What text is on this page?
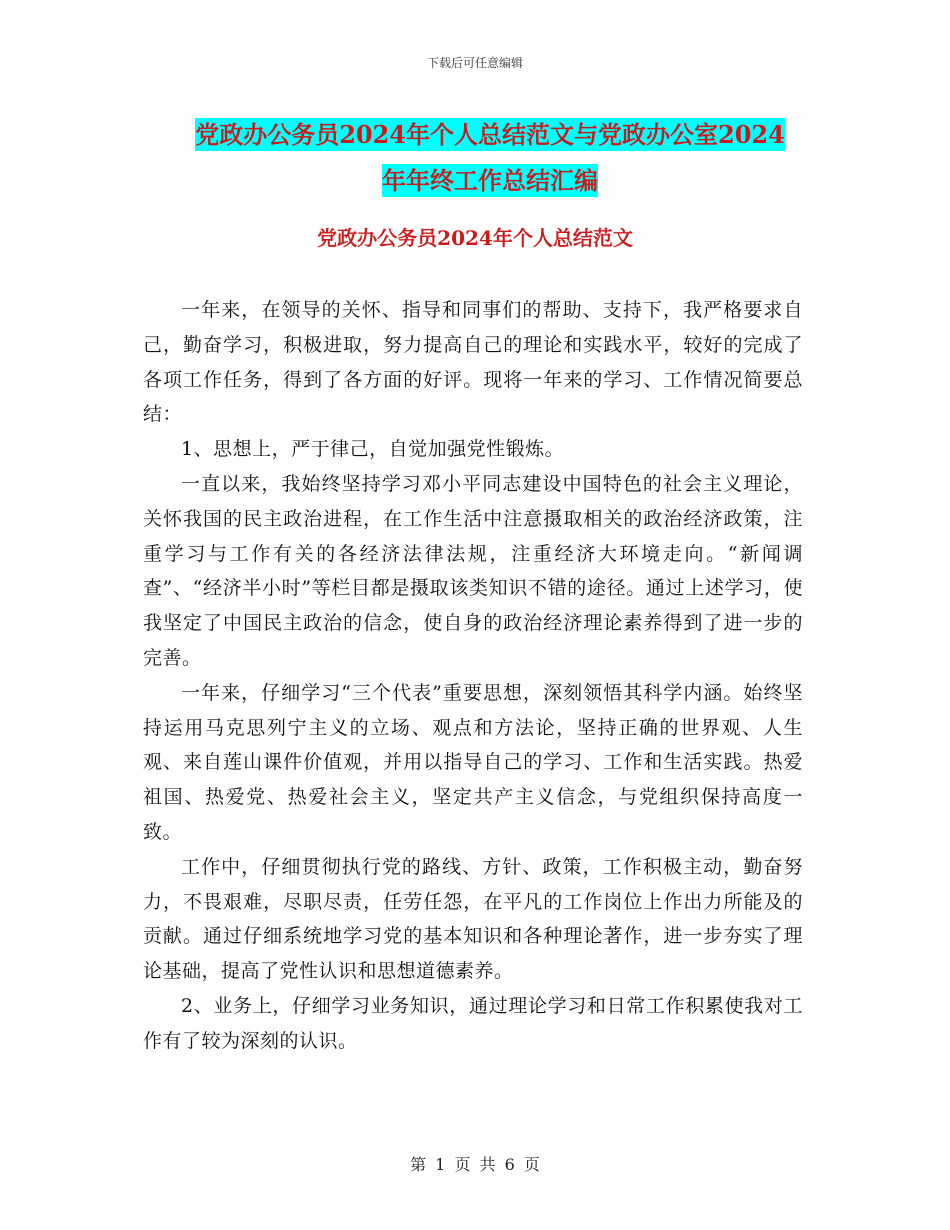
下载后可任意编辑
党政办公务员2024年个人总结范文与党政办公室2024
年年终工作总结汇编
党政办公务员2024年个人总结范文

一年来，在领导的关怀、指导和同事们的帮助、支持下，我严格要求自己，勤奋学习，积极进取，努力提高自己的理论和实践水平，较好的完成了各项工作任务，得到了各方面的好评。现将一年来的学习、工作情况简要总结：

1、思想上，严于律己，自觉加强党性锻炼。

一直以来，我始终坚持学习邓小平同志建设中国特色的社会主义理论，关怀我国的民主政治进程，在工作生活中注意摄取相关的政治经济政策，注重学习与工作有关的各经济法律法规，注重经济大环境走向。“新闻调查”、“经济半小时”等栏目都是摄取该类知识不错的途径。通过上述学习，使我坚定了中国民主政治的信念，使自身的政治经济理论素养得到了进一步的完善。

一年来，仔细学习“三个代表”重要思想，深刻领悟其科学内涵。始终坚持运用马克思列宁主义的立场、观点和方法论，坚持正确的世界观、人生观、来自莲山课件价值观，并用以指导自己的学习、工作和生活实践。热爱祖国、热爱党、热爱社会主义，坚定共产主义信念，与党组织保持高度一致。

工作中，仔细贯彻执行党的路线、方针、政策，工作积极主动，勤奋努力，不畏艰难，尽职尽责，任劳任怨，在平凡的工作岗位上作出力所能及的贡献。通过仔细系统地学习党的基本知识和各种理论著作，进一步夯实了理论基础，提高了党性认识和思想道德素养。

2、业务上，仔细学习业务知识，通过理论学习和日常工作积累使我对工作有了较为深刻的认识。

第 1 页 共 6 页
